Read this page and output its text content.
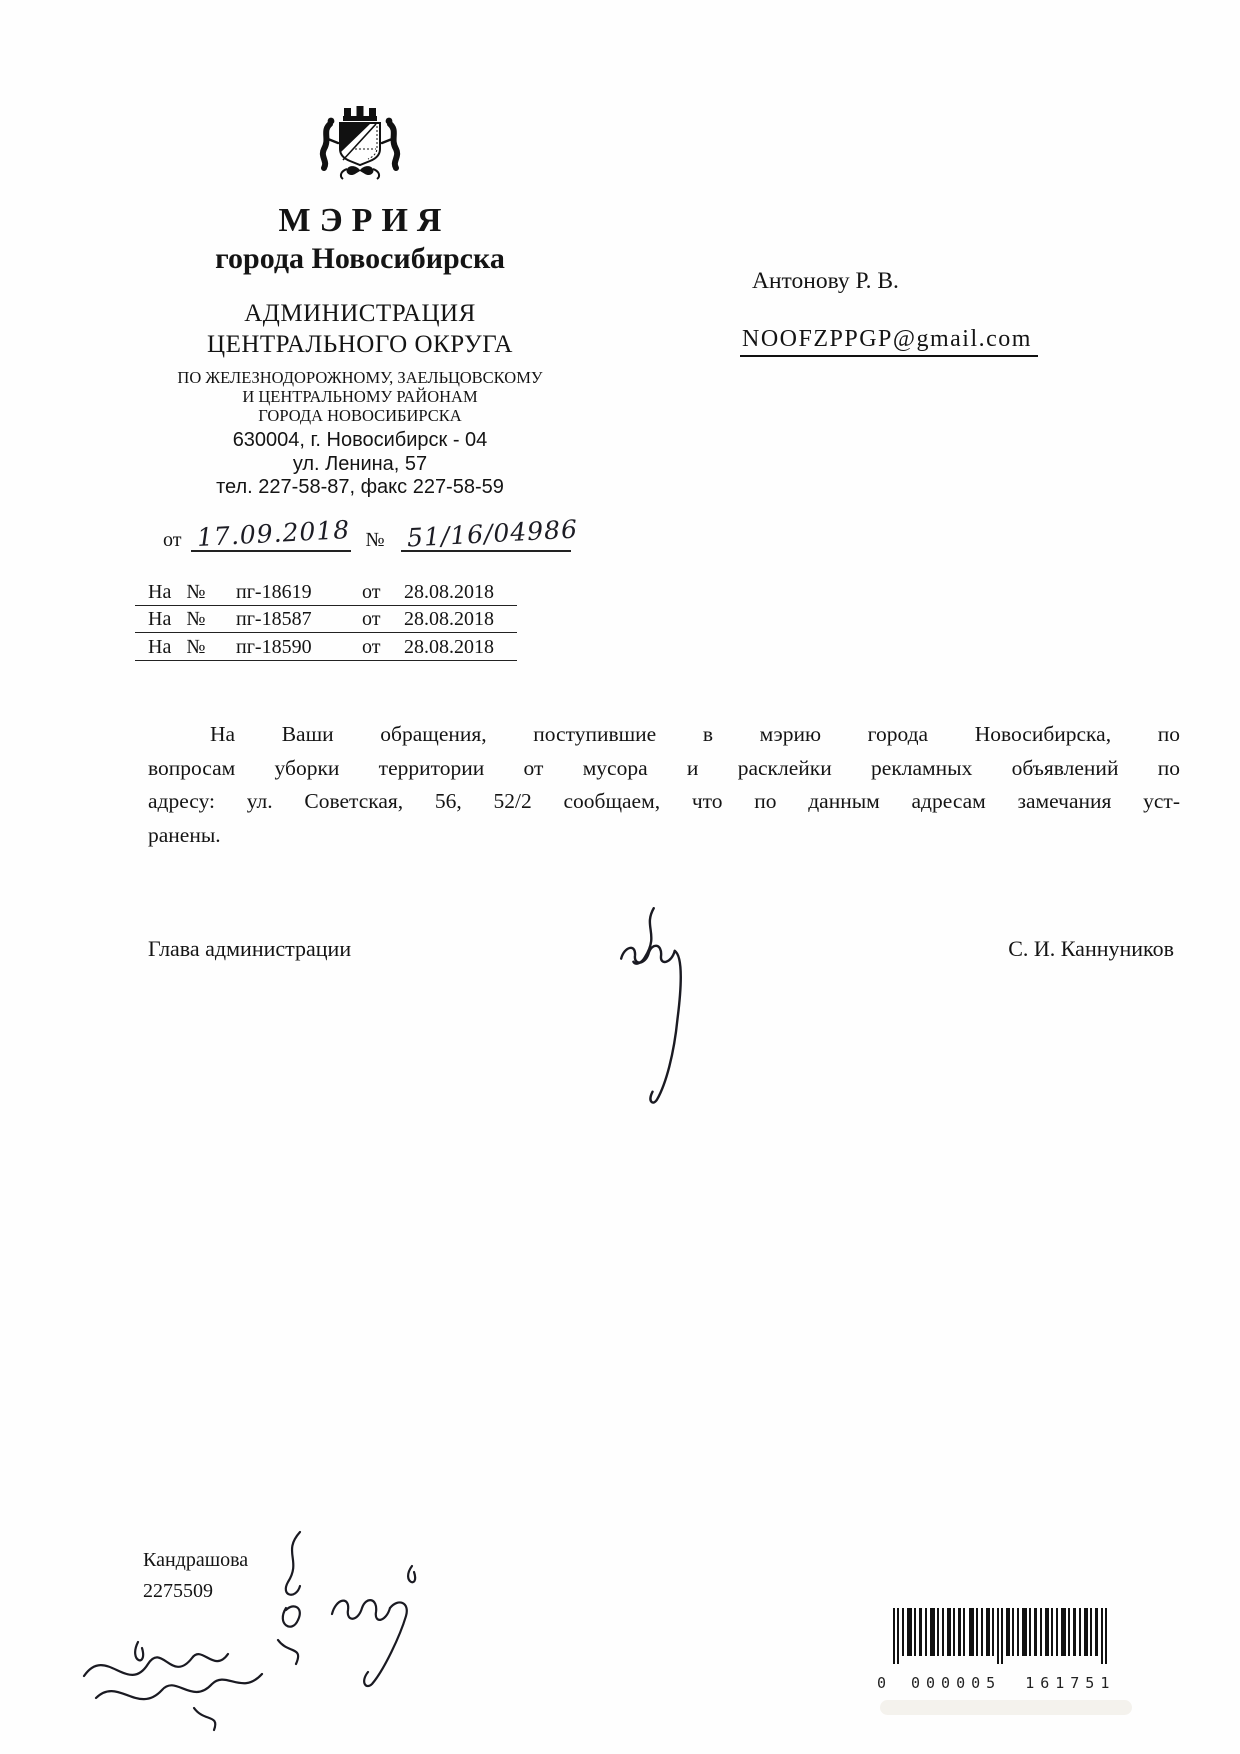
МЭРИЯ
города Новосибирска
АДМИНИСТРАЦИЯ
ЦЕНТРАЛЬНОГО ОКРУГА
ПО ЖЕЛЕЗНОДОРОЖНОМУ, ЗАЕЛЬЦОВСКОМУ
И ЦЕНТРАЛЬНОМУ РАЙОНАМ
ГОРОДА НОВОСИБИРСКА
630004, г. Новосибирск - 04
ул. Ленина, 57
тел. 227-58-87, факс 227-58-59
от 17.09.2018 № 51/16/04986
На №	пг-18619	от	28.08.2018
На №	пг-18587	от	28.08.2018
На №	пг-18590	от	28.08.2018
Антонову Р. В.
NOOFZPPGP@gmail.com
На Ваши обращения, поступившие в мэрию города Новосибирска, по
вопросам уборки территории от мусора и расклейки рекламных объявлений по
адресу: ул. Советская, 56, 52/2 сообщаем, что по данным адресам замечания уст-
ранены.
Глава администрации	С. И. Каннуников
Кандрашова
2275509
0	000005 161751
